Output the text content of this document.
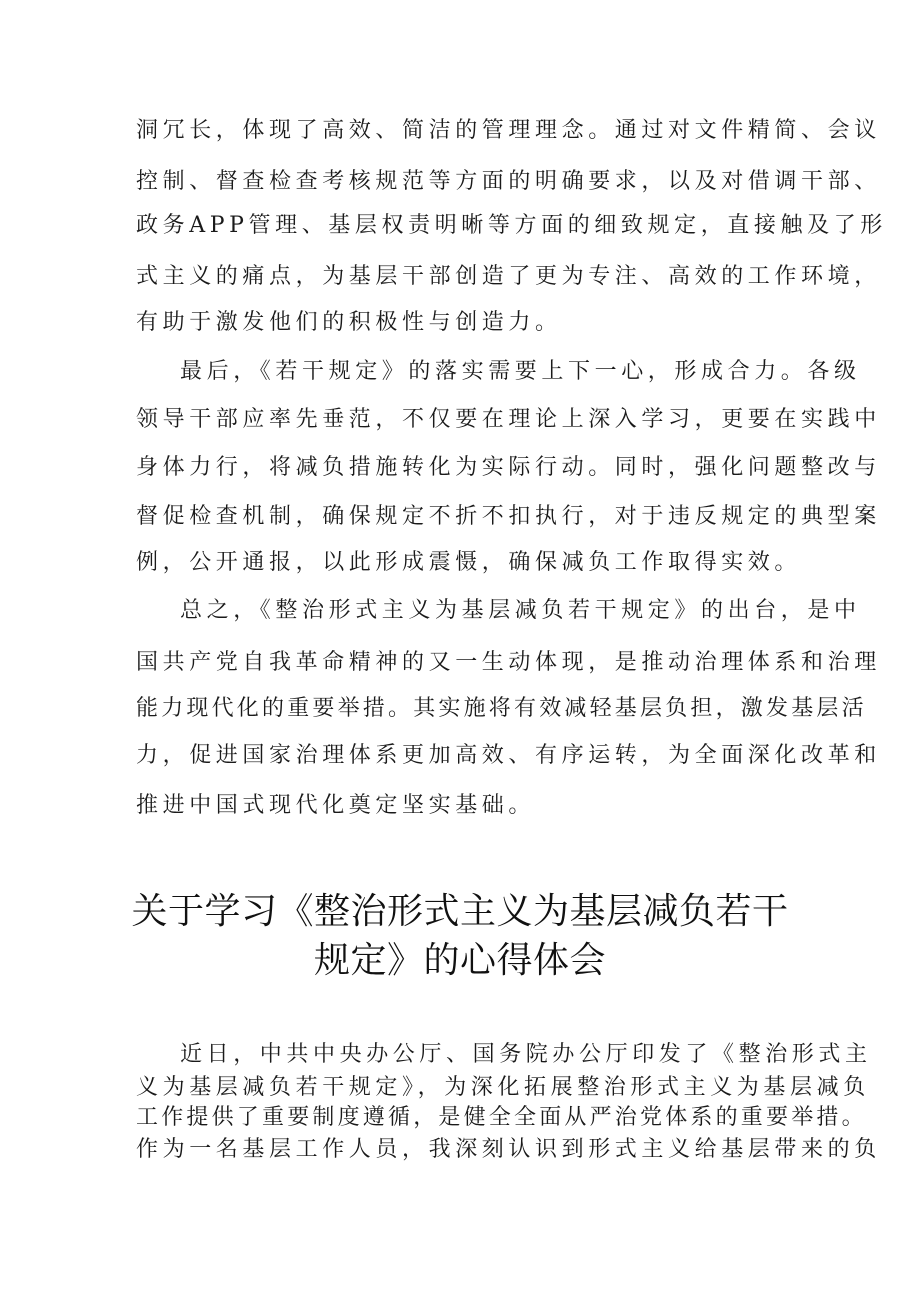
洞冗长，体现了高效、简洁的管理理念。通过对文件精简、会议
控制、督查检查考核规范等方面的明确要求，以及对借调干部、
政务APP管理、基层权责明晰等方面的细致规定，直接触及了形
式主义的痛点，为基层干部创造了更为专注、高效的工作环境，
有助于激发他们的积极性与创造力。
最后，《若干规定》的落实需要上下一心，形成合力。各级
领导干部应率先垂范，不仅要在理论上深入学习，更要在实践中
身体力行，将减负措施转化为实际行动。同时，强化问题整改与
督促检查机制，确保规定不折不扣执行，对于违反规定的典型案
例，公开通报，以此形成震慑，确保减负工作取得实效。
总之，《整治形式主义为基层减负若干规定》的出台，是中
国共产党自我革命精神的又一生动体现，是推动治理体系和治理
能力现代化的重要举措。其实施将有效减轻基层负担，激发基层活
力，促进国家治理体系更加高效、有序运转，为全面深化改革和
推进中国式现代化奠定坚实基础。
关于学习《整治形式主义为基层减负若干
规定》的心得体会
近日，中共中央办公厅、国务院办公厅印发了《整治形式主
义为基层减负若干规定》，为深化拓展整治形式主义为基层减负
工作提供了重要制度遵循，是健全全面从严治党体系的重要举措。
作为一名基层工作人员，我深刻认识到形式主义给基层带来的负
